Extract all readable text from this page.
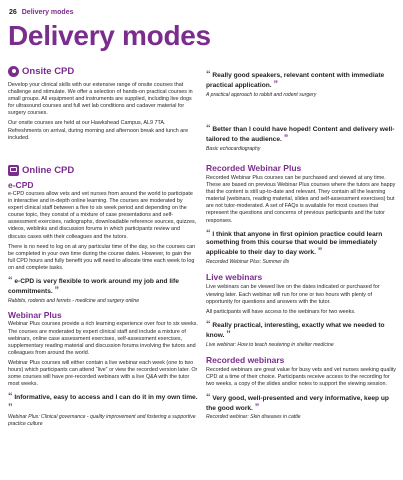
26 Delivery modes
Delivery modes
Onsite CPD

Develop your clinical skills with our extensive range of onsite courses that challenge and stimulate. We offer a selection of hands-on practical courses in small groups. All equipment and instruments are supplied, including live dogs for ultrasound courses and full wet lab conditions and cadaver material for surgery courses.

Our onsite courses are held at our Hawkshead Campus, AL9 7TA. Refreshments on arrival, during morning and afternoon break and lunch are included.

Online CPD

e-CPD

e-CPD courses allow vets and vet nurses from around the world to participate in interactive and in-depth online learning. The courses are moderated by expert clinical staff between a five to six week period and depending on the course topic, they consist of a mixture of case presentations and self-assessment exercises, radiographs, downloadable reference sources, quizzes, videos, weblinks and discussion forums in which participants review and discuss cases with their colleagues and the tutors.

There is no need to log on at any particular time of the day, so the courses can be completed in your own time during the course dates. However, to gain the full CPD hours and fully benefit you will need to allocate time each week to log on and complete tasks.

“ e-CPD is very flexible to work around my job and life commitments. ”

Rabbits, rodents and ferrets - medicine and surgery online

Webinar Plus

Webinar Plus courses provide a rich learning experience over four to six weeks. The courses are moderated by expert clinical staff and include a mixture of webinars, online case assessment exercises, self-assessment exercises, supplementary reading material and discussion forums involving the tutors and colleagues from around the world.

Webinar Plus courses will either contain a live webinar each week (one to two hours) which participants can attend “live” or view the recorded version later. Or some courses will have pre-recorded webinars with a live Q&A with the tutor most weeks.

“ Informative, easy to access and I can do it in my own time. ”

Webinar Plus: Clinical governance - quality improvement and fostering a supportive practice culture

“ Really good speakers, relevant content with immediate practical application. ”

A practical approach to rabbit and rodent surgery

“ Better than I could have hoped! Content and delivery well-tailored to the audience. ”

Basic echocardiography

Recorded Webinar Plus

Recorded Webinar Plus courses can be purchased and viewed at any time. These are based on previous Webinar Plus courses where the tutors are happy that the content is still up-to-date and relevant. They contain all the learning material (webinars, reading material, slides and self-assessment exercises) but are not tutor-moderated. A set of FAQs is available for most courses that represent the questions and concerns of previous participants and the tutor responses.

“ I think that anyone in first opinion practice could learn something from this course that would be immediately applicable to their day to day work. ”

Recorded Webinar Plus: Summer ills

Live webinars

Live webinars can be viewed live on the dates indicated or purchased for viewing later. Each webinar will run for one or two hours with plenty of opportunity for questions and answers with the tutor.

All participants will have access to the webinars for two weeks.

“ Really practical, interesting, exactly what we needed to know. ”

Live webinar: How to teach neutering in shelter medicine

Recorded webinars

Recorded webinars are great value for busy vets and vet nurses seeking quality CPD at a time of their choice. Participants receive access to the recording for two weeks, a copy of the slides and/or notes to support the viewing session.

“ Very good, well-presented and very informative, keep up the good work. ”

Recorded webinar: Skin diseases in cattle
